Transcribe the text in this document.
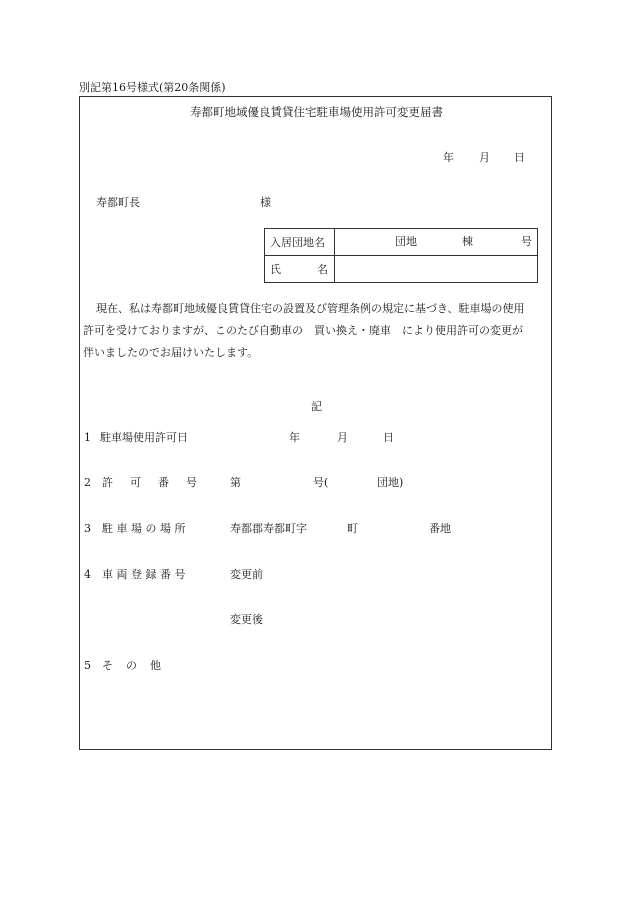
別記第16号様式(第20条関係)
寿都町地域優良賃貸住宅駐車場使用許可変更届書
年 月 日
寿都町長	様
入居団地名	団地 棟 号

氏 名	

現在、私は寿都町地域優良賃貸住宅の設置及び管理条例の規定に基づき、駐車場の使用
許可を受けておりますが、このたび自動車の　買い換え・廃車　により使用許可の変更が
伴いましたのでお届けいたします。
記
1 駐車場使用許可日	年	月	日
2 許 可 番 号	第	号(	団地)
3 駐 車 場 の 場 所	寿都郡寿都町字	町	番地
4 車 両 登 録 番 号	変更前
変更後
5 そ の 他
